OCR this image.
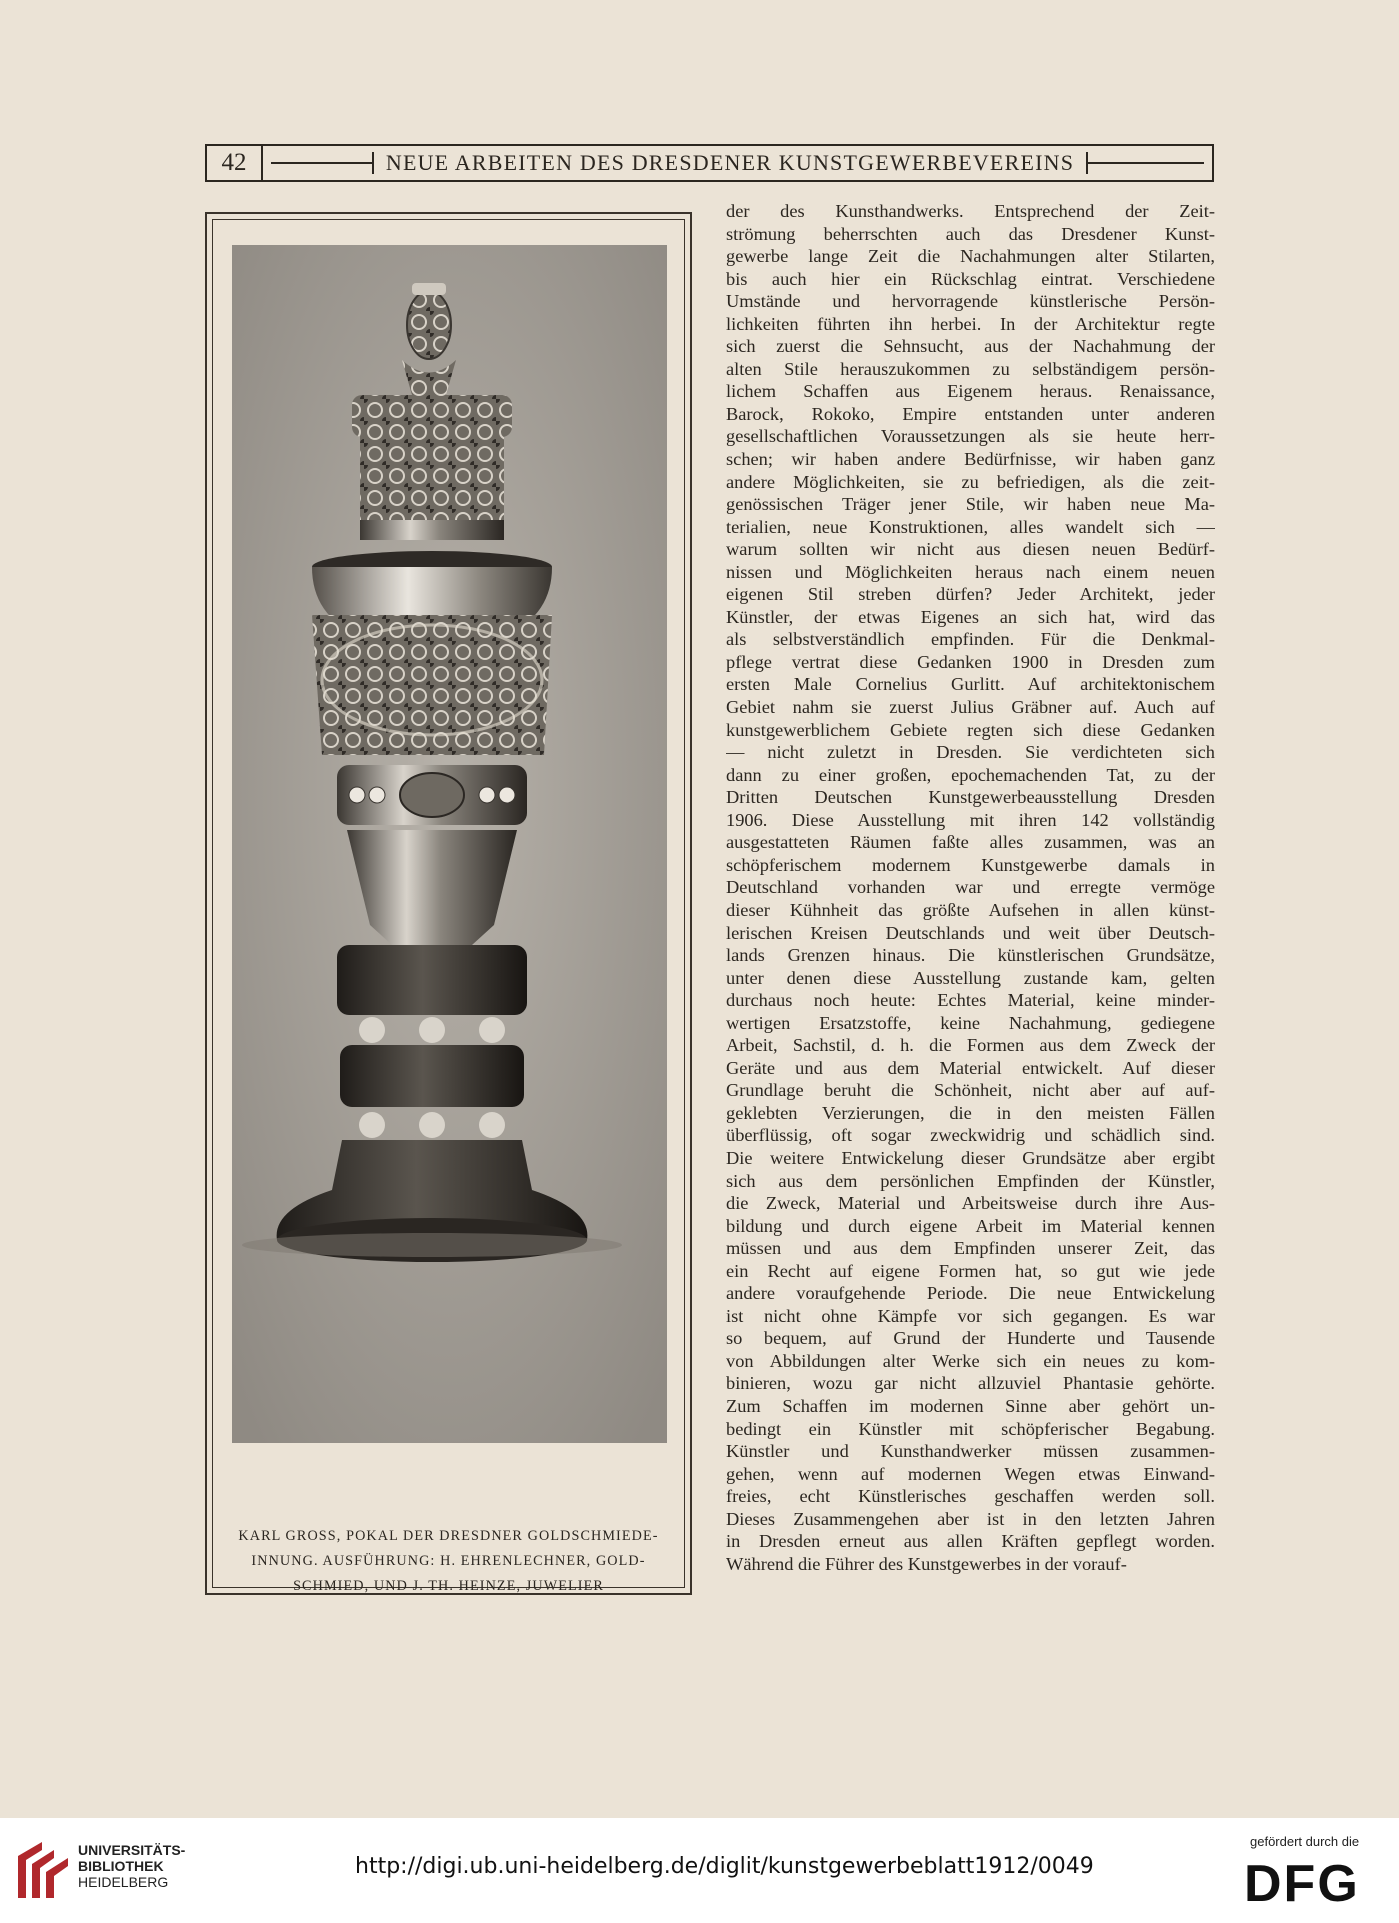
42	NEUE ARBEITEN DES DRESDENER KUNSTGEWERBEVEREINS
KARL GROSS, POKAL DER DRESDNER GOLDSCHMIEDE-
INNUNG. AUSFÜHRUNG: H. EHRENLECHNER, GOLD-
SCHMIED, UND J. TH. HEINZE, JUWELIER
der des Kunsthandwerks. Entsprechend der Zeit-
strömung beherrschten auch das Dresdener Kunst-
gewerbe lange Zeit die Nachahmungen alter Stilarten,
bis auch hier ein Rückschlag eintrat. Verschiedene
Umstände und hervorragende künstlerische Persön-
lichkeiten führten ihn herbei. In der Architektur regte
sich zuerst die Sehnsucht, aus der Nachahmung der
alten Stile herauszukommen zu selbständigem persön-
lichem Schaffen aus Eigenem heraus. Renaissance,
Barock, Rokoko, Empire entstanden unter anderen
gesellschaftlichen Voraussetzungen als sie heute herr-
schen; wir haben andere Bedürfnisse, wir haben ganz
andere Möglichkeiten, sie zu befriedigen, als die zeit-
genössischen Träger jener Stile, wir haben neue Ma-
terialien, neue Konstruktionen, alles wandelt sich —
warum sollten wir nicht aus diesen neuen Bedürf-
nissen und Möglichkeiten heraus nach einem neuen
eigenen Stil streben dürfen? Jeder Architekt, jeder
Künstler, der etwas Eigenes an sich hat, wird das
als selbstverständlich empfinden. Für die Denkmal-
pflege vertrat diese Gedanken 1900 in Dresden zum
ersten Male Cornelius Gurlitt. Auf architektonischem
Gebiet nahm sie zuerst Julius Gräbner auf. Auch auf
kunstgewerblichem Gebiete regten sich diese Gedanken
— nicht zuletzt in Dresden. Sie verdichteten sich
dann zu einer großen, epochemachenden Tat, zu der
Dritten Deutschen Kunstgewerbeausstellung Dresden
1906. Diese Ausstellung mit ihren 142 vollständig
ausgestatteten Räumen faßte alles zusammen, was an
schöpferischem modernem Kunstgewerbe damals in
Deutschland vorhanden war und erregte vermöge
dieser Kühnheit das größte Aufsehen in allen künst-
lerischen Kreisen Deutschlands und weit über Deutsch-
lands Grenzen hinaus. Die künstlerischen Grundsätze,
unter denen diese Ausstellung zustande kam, gelten
durchaus noch heute: Echtes Material, keine minder-
wertigen Ersatzstoffe, keine Nachahmung, gediegene
Arbeit, Sachstil, d. h. die Formen aus dem Zweck der
Geräte und aus dem Material entwickelt. Auf dieser
Grundlage beruht die Schönheit, nicht aber auf auf-
geklebten Verzierungen, die in den meisten Fällen
überflüssig, oft sogar zweckwidrig und schädlich sind.
Die weitere Entwickelung dieser Grundsätze aber ergibt
sich aus dem persönlichen Empfinden der Künstler,
die Zweck, Material und Arbeitsweise durch ihre Aus-
bildung und durch eigene Arbeit im Material kennen
müssen und aus dem Empfinden unserer Zeit, das
ein Recht auf eigene Formen hat, so gut wie jede
andere voraufgehende Periode. Die neue Entwickelung
ist nicht ohne Kämpfe vor sich gegangen. Es war
so bequem, auf Grund der Hunderte und Tausende
von Abbildungen alter Werke sich ein neues zu kom-
binieren, wozu gar nicht allzuviel Phantasie gehörte.
Zum Schaffen im modernen Sinne aber gehört un-
bedingt ein Künstler mit schöpferischer Begabung.
Künstler und Kunsthandwerker müssen zusammen-
gehen, wenn auf modernen Wegen etwas Einwand-
freies, echt Künstlerisches geschaffen werden soll.
Dieses Zusammengehen aber ist in den letzten Jahren
in Dresden erneut aus allen Kräften gepflegt worden.
Während die Führer des Kunstgewerbes in der vorauf-
UNIVERSITÄTS-
BIBLIOTHEK
HEIDELBERG
http://digi.ub.uni-heidelberg.de/diglit/kunstgewerbeblatt1912/0049
gefördert durch die
DFG
